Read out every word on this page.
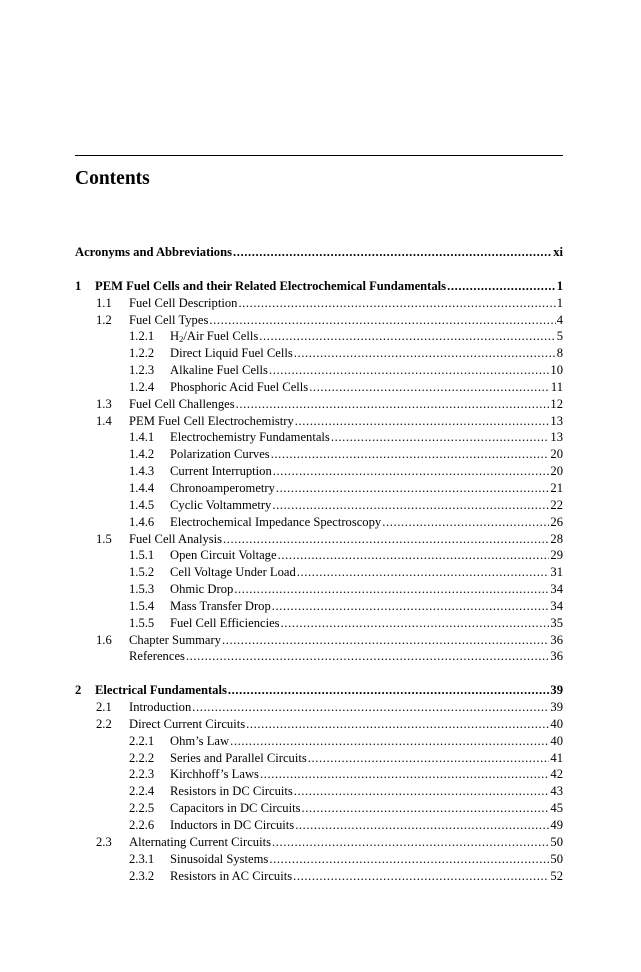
Contents
Acronyms and Abbreviations .....	xi
1	PEM Fuel Cells and their Related Electrochemical Fundamentals .....	1
1.1	Fuel Cell Description .....	1
1.2	Fuel Cell Types .....	4
1.2.1	$H_2$/Air Fuel Cells .....	5
1.2.2	Direct Liquid Fuel Cells .....	8
1.2.3	Alkaline Fuel Cells .....	10
1.2.4	Phosphoric Acid Fuel Cells .....	11
1.3	Fuel Cell Challenges .....	12
1.4	PEM Fuel Cell Electrochemistry .....	13
1.4.1	Electrochemistry Fundamentals .....	13
1.4.2	Polarization Curves .....	20
1.4.3	Current Interruption .....	20
1.4.4	Chronoamperometry .....	21
1.4.5	Cyclic Voltammetry .....	22
1.4.6	Electrochemical Impedance Spectroscopy .....	26
1.5	Fuel Cell Analysis .....	28
1.5.1	Open Circuit Voltage .....	29
1.5.2	Cell Voltage Under Load .....	31
1.5.3	Ohmic Drop .....	34
1.5.4	Mass Transfer Drop .....	34
1.5.5	Fuel Cell Efficiencies .....	35
1.6	Chapter Summary .....	36
References .....	36
2	Electrical Fundamentals .....	39
2.1	Introduction .....	39
2.2	Direct Current Circuits .....	40
2.2.1	Ohm’s Law .....	40
2.2.2	Series and Parallel Circuits .....	41
2.2.3	Kirchhoff’s Laws .....	42
2.2.4	Resistors in DC Circuits .....	43
2.2.5	Capacitors in DC Circuits .....	45
2.2.6	Inductors in DC Circuits .....	49
2.3	Alternating Current Circuits .....	50
2.3.1	Sinusoidal Systems .....	50
2.3.2	Resistors in AC Circuits .....	52
